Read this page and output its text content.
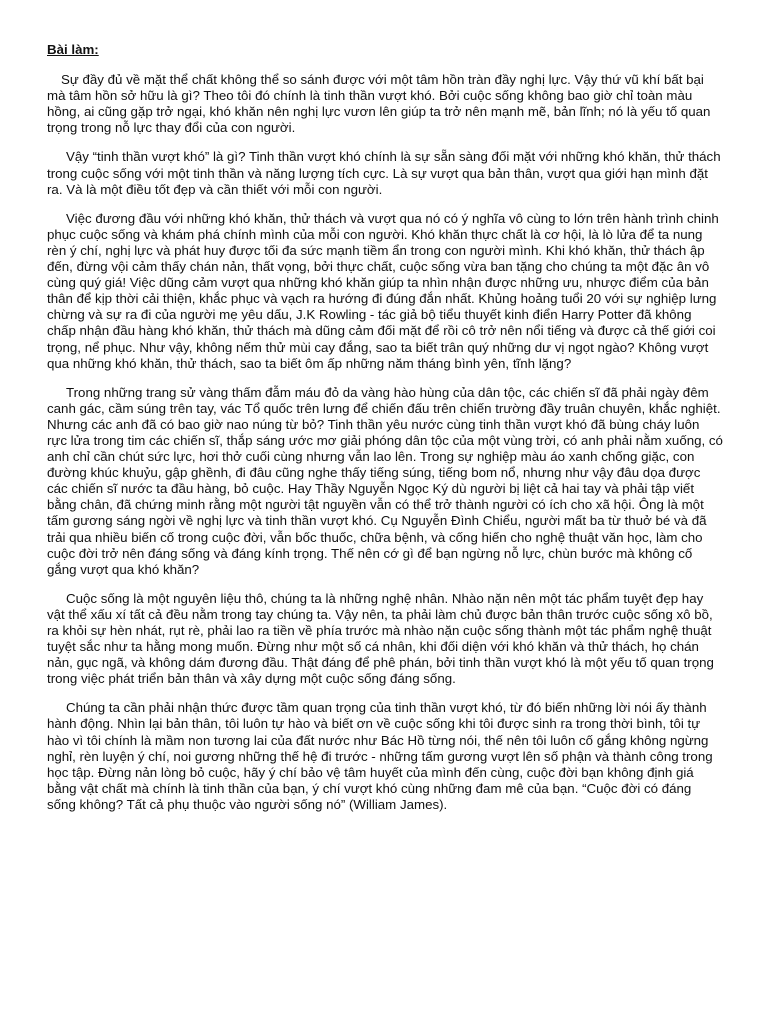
Bài làm:

Sự đầy đủ về mặt thể chất không thể so sánh được với một tâm hồn tràn đầy nghị lực. Vậy thứ vũ khí bất bại mà tâm hồn sở hữu là gì? Theo tôi đó chính là tinh thần vượt khó. Bởi cuộc sống không bao giờ chỉ toàn màu hồng, ai cũng gặp trở ngại, khó khăn nên nghị lực vươn lên giúp ta trở nên mạnh mẽ, bản lĩnh; nó là yếu tố quan trọng trong nỗ lực thay đổi của con người.

Vậy “tinh thần vượt khó” là gì? Tinh thần vượt khó chính là sự sẵn sàng đối mặt với những khó khăn, thử thách trong cuộc sống với một tinh thần và năng lượng tích cực. Là sự vượt qua bản thân, vượt qua giới hạn mình đặt ra. Và là một điều tốt đẹp và cần thiết với mỗi con người.

Việc đương đầu với những khó khăn, thử thách và vượt qua nó có ý nghĩa vô cùng to lớn trên hành trình chinh phục cuộc sống và khám phá chính mình của mỗi con người. Khó khăn thực chất là cơ hội, là lò lửa để ta nung rèn ý chí, nghị lực và phát huy được tối đa sức mạnh tiềm ẩn trong con người mình. Khi khó khăn, thử thách ập đến, đừng vội cảm thấy chán nản, thất vọng, bởi thực chất, cuộc sống vừa ban tặng cho chúng ta một đặc ân vô cùng quý giá! Việc dũng cảm vượt qua những khó khăn giúp ta nhìn nhận được những ưu, nhược điểm của bản thân để kịp thời cải thiện, khắc phục và vạch ra hướng đi đúng đắn nhất. Khủng hoảng tuổi 20 với sự nghiệp lưng chừng và sự ra đi của người mẹ yêu dấu, J.K Rowling - tác giả bộ tiểu thuyết kinh điển Harry Potter đã không chấp nhận đầu hàng khó khăn, thử thách mà dũng cảm đối mặt để rồi cô trở nên nổi tiếng và được cả thế giới coi trọng, nể phục. Như vậy, không nếm thử mùi cay đắng, sao ta biết trân quý những dư vị ngọt ngào? Không vượt qua những khó khăn, thử thách, sao ta biết ôm ấp những năm tháng bình yên, tĩnh lặng?

Trong những trang sử vàng thấm đẫm máu đỏ da vàng hào hùng của dân tộc, các chiến sĩ đã phải ngày đêm canh gác, cầm súng trên tay, vác Tổ quốc trên lưng để chiến đấu trên chiến trường đầy truân chuyên, khắc nghiệt. Nhưng các anh đã có bao giờ nao núng từ bỏ? Tinh thần yêu nước cùng tinh thần vượt khó đã bùng cháy luôn rực lửa trong tim các chiến sĩ, thắp sáng ước mơ giải phóng dân tộc của một vùng trời, có anh phải nằm xuống, có anh chỉ cần chút sức lực, hơi thở cuối cùng nhưng vẫn lao lên. Trong sự nghiệp màu áo xanh chống giặc, con đường khúc khuỷu, gập ghềnh, đi đâu cũng nghe thấy tiếng súng, tiếng bom nổ, nhưng như vậy đâu dọa được các chiến sĩ nước ta đầu hàng, bỏ cuộc. Hay Thầy Nguyễn Ngọc Ký dù người bị liệt cả hai tay và phải tập viết bằng chân, đã chứng minh rằng một người tật nguyền vẫn có thể trở thành người có ích cho xã hội. Ông là một tấm gương sáng ngời về nghị lực và tinh thần vượt khó. Cụ Nguyễn Đình Chiểu, người mất ba từ thuở bé và đã trải qua nhiều biến cố trong cuộc đời, vẫn bốc thuốc, chữa bệnh, và cống hiến cho nghệ thuật văn học, làm cho cuộc đời trở nên đáng sống và đáng kính trọng. Thế nên cớ gì để bạn ngừng nỗ lực, chùn bước mà không cố gắng vượt qua khó khăn?

Cuộc sống là một nguyên liệu thô, chúng ta là những nghệ nhân. Nhào nặn nên một tác phẩm tuyệt đẹp hay vật thể xấu xí tất cả đều nằm trong tay chúng ta. Vậy nên, ta phải làm chủ được bản thân trước cuộc sống xô bồ, ra khỏi sự hèn nhát, rụt rè, phải lao ra tiền về phía trước mà nhào nặn cuộc sống thành một tác phẩm nghệ thuật tuyệt sắc như ta hằng mong muốn. Đừng như một số cá nhân, khi đối diện với khó khăn và thử thách, họ chán nản, gục ngã, và không dám đương đầu. Thật đáng để phê phán, bởi tinh thần vượt khó là một yếu tố quan trọng trong việc phát triển bản thân và xây dựng một cuộc sống đáng sống.

Chúng ta cần phải nhận thức được tầm quan trọng của tinh thần vượt khó, từ đó biến những lời nói ấy thành hành động. Nhìn lại bản thân, tôi luôn tự hào và biết ơn về cuộc sống khi tôi được sinh ra trong thời bình, tôi tự hào vì tôi chính là mầm non tương lai của đất nước như Bác Hồ từng nói, thế nên tôi luôn cố gắng không ngừng nghỉ, rèn luyện ý chí, noi gương những thế hệ đi trước - những tấm gương vượt lên số phận và thành công trong học tập. Đừng nản lòng bỏ cuộc, hãy ý chí bảo vệ tâm huyết của mình đến cùng, cuộc đời bạn không định giá bằng vật chất mà chính là tinh thần của bạn, ý chí vượt khó cùng những đam mê của bạn. “Cuộc đời có đáng sống không? Tất cả phụ thuộc vào người sống nó” (William James).
